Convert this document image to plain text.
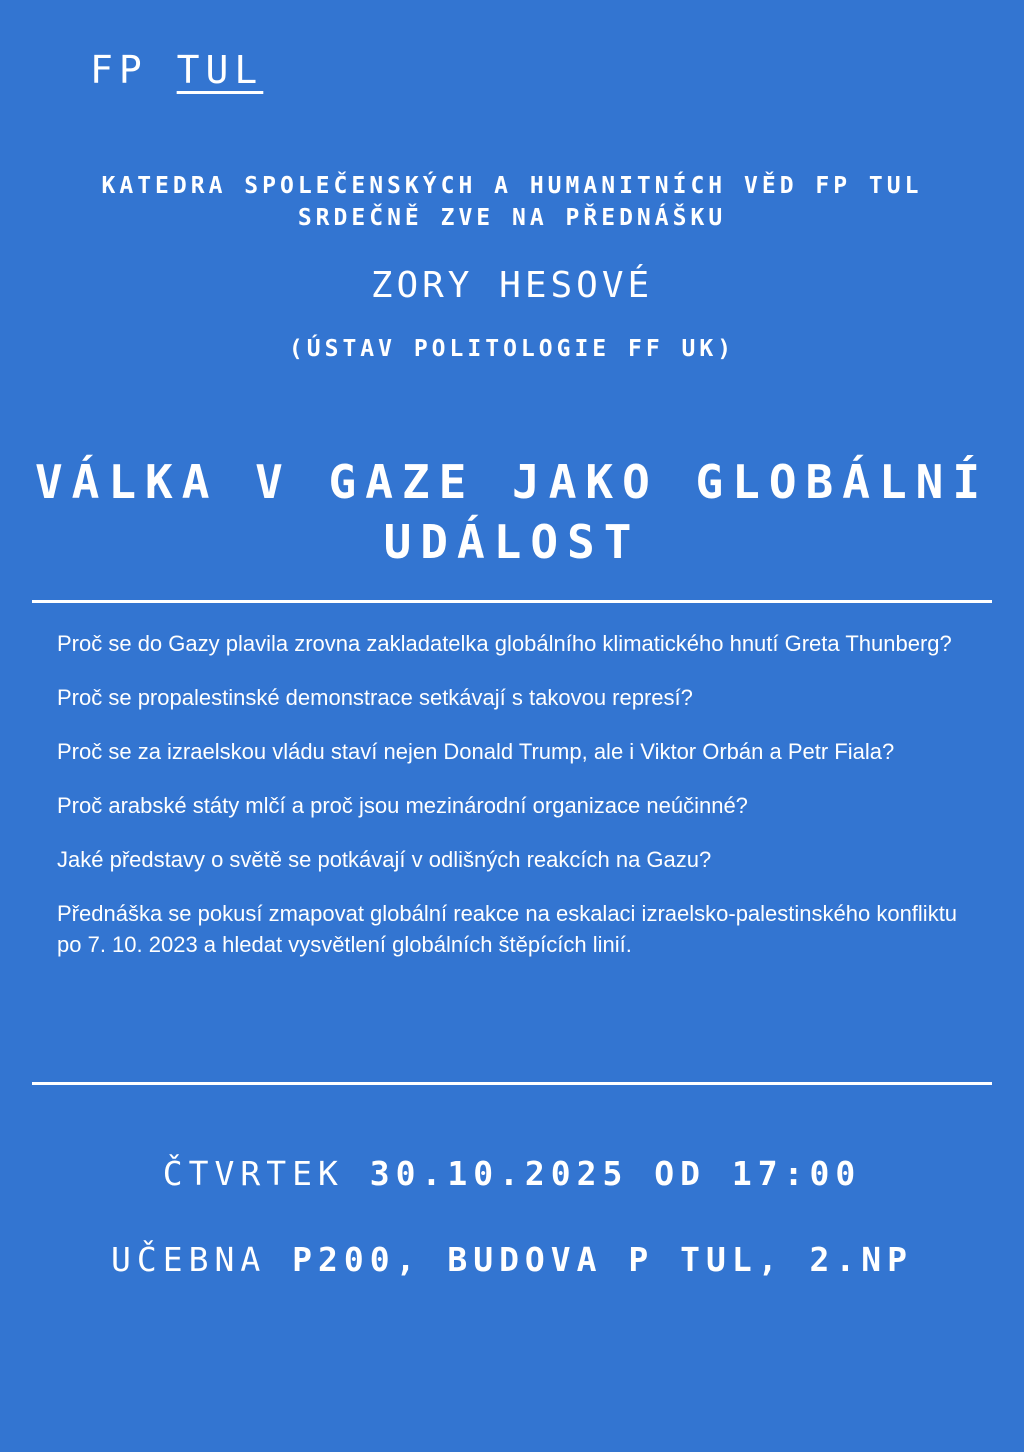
FP TUL
KATEDRA SPOLEČENSKÝCH A HUMANITNÍCH VĚD FP TUL
SRDEČNĚ ZVE NA PŘEDNÁŠKU
ZORY HESOVÉ
(ÚSTAV POLITOLOGIE FF UK)
VÁLKA V GAZE JAKO GLOBÁLNÍ
UDÁLOST

Proč se do Gazy plavila zrovna zakladatelka globálního klimatického hnutí Greta Thunberg?

Proč se propalestinské demonstrace setkávají s takovou represí?

Proč se za izraelskou vládu staví nejen Donald Trump, ale i Viktor Orbán a Petr Fiala?

Proč arabské státy mlčí a proč jsou mezinárodní organizace neúčinné?

Jaké představy o světě se potkávají v odlišných reakcích na Gazu?

Přednáška se pokusí zmapovat globální reakce na eskalaci izraelsko-palestinského konfliktu po 7. 10. 2023 a hledat vysvětlení globálních štěpících linií.

ČTVRTEK 30.10.2025 OD 17:00
UČEBNA P200, BUDOVA P TUL, 2.NP
